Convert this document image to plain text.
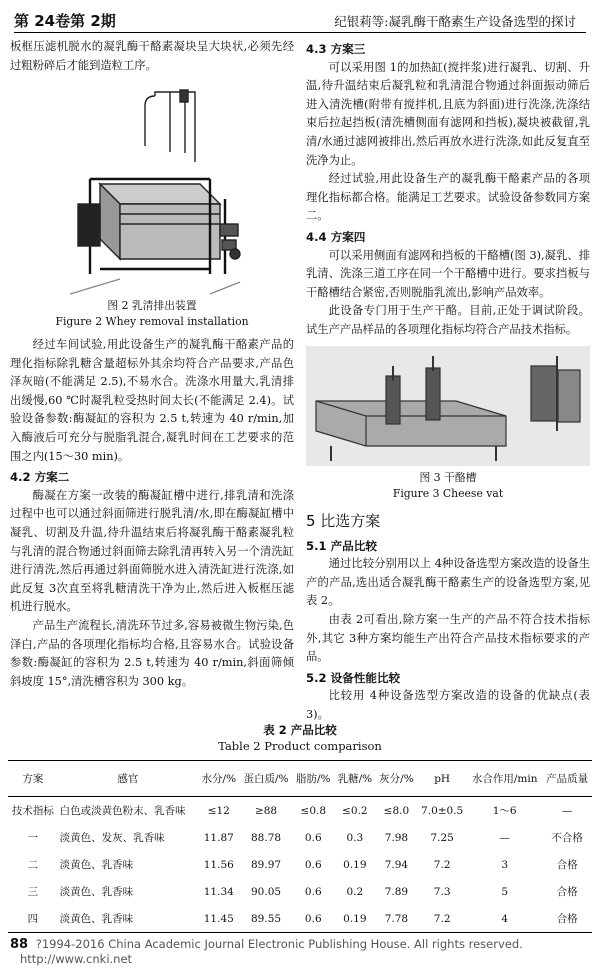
第 24卷第 2期	纪银莉等:凝乳酶干酪素生产设备选型的探讨

板框压滤机脱水的凝乳酶干酪素凝块呈大块状,必须先经过粗粉碎后才能到造粒工序。

图 2 乳清排出装置
Figure 2 Whey removal installation

经过车间试验,用此设备生产的凝乳酶干酪素产品的理化指标除乳糖含量超标外其余均符合产品要求,产品色泽灰暗(不能满足 2.5),不易水合。洗涤水用量大,乳清排出缓慢,60 ℃时凝乳粒受热时间太长(不能满足 2.4)。试验设备参数:酶凝缸的容积为 2.5 t,转速为 40 r/min,加入酶液后可充分与脱脂乳混合,凝乳时间在工艺要求的范围之内(15～30 min)。

4.2 方案二

酶凝在方案一改装的酶凝缸槽中进行,排乳清和洗涤过程中也可以通过斜面筛进行脱乳清/水,即在酶凝缸槽中凝乳、切割及升温,待升温结束后将凝乳酶干酪素凝乳粒与乳清的混合物通过斜面筛去除乳清再转入另一个清洗缸进行清洗,然后再通过斜面筛脱水进入清洗缸进行洗涤,如此反复 3次直至将乳糖清洗干净为止,然后进入板框压滤机进行脱水。

产品生产流程长,清洗环节过多,容易被微生物污染,色泽白,产品的各项理化指标均合格,且容易水合。试验设备参数:酶凝缸的容积为 2.5 t,转速为 40 r/min,斜面筛倾斜坡度 15°,清洗槽容积为 300 kg。

4.3 方案三

可以采用图 1的加热缸(搅拌浆)进行凝乳、切割、升温,待升温结束后凝乳粒和乳清混合物通过斜面振动筛后进入清洗槽(附带有搅拌机,且底为斜面)进行洗涤,洗涤结束后拉起挡板(清洗槽侧面有滤网和挡板),凝块被截留,乳清/水通过滤网被排出,然后再放水进行洗涤,如此反复直至洗净为止。

经过试验,用此设备生产的凝乳酶干酪素产品的各项理化指标都合格。能满足工艺要求。试验设备参数同方案二。

4.4 方案四

可以采用侧面有滤网和挡板的干酪槽(图 3),凝乳、排乳清、洗涤三道工序在同一个干酪槽中进行。要求挡板与干酪槽结合紧密,否则脱脂乳流出,影响产品效率。

此设备专门用于生产干酪。目前,正处于调试阶段。试生产产品样品的各项理化指标均符合产品技术指标。

图 3 干酪槽
Figure 3 Cheese vat
5 比选方案
5.1 产品比较

通过比较分别用以上 4种设备选型方案改造的设备生产的产品,选出适合凝乳酶干酪素生产的设备选型方案,见表 2。

由表 2可看出,除方案一生产的产品不符合技术指标外,其它 3种方案均能生产出符合产品技术指标要求的产品。

5.2 设备性能比较

比较用 4种设备选型方案改造的设备的优缺点(表 3)。

表 2 产品比较
Table 2 Product comparison
方案	感官	水分/%	蛋白质/%	脂肪/%	乳糖/%	灰分/%	pH	水合作用/min	产品质量
技术指标	白色或淡黄色粉末、乳香味	≤12	≥88	≤0.8	≤0.2	≤8.0	7.0±0.5	1～6	—
一	淡黄色、发灰、乳香味	11.87	88.78	0.6	0.3	7.98	7.25	—	不合格
二	淡黄色、乳香味	11.56	89.97	0.6	0.19	7.94	7.2	3	合格
三	淡黄色、乳香味	11.34	90.05	0.6	0.2	7.89	7.3	5	合格
四	淡黄色、乳香味	11.45	89.55	0.6	0.19	7.78	7.2	4	合格
88 ?1994-2016 China Academic Journal Electronic Publishing House. All rights reserved. http://www.cnki.net
